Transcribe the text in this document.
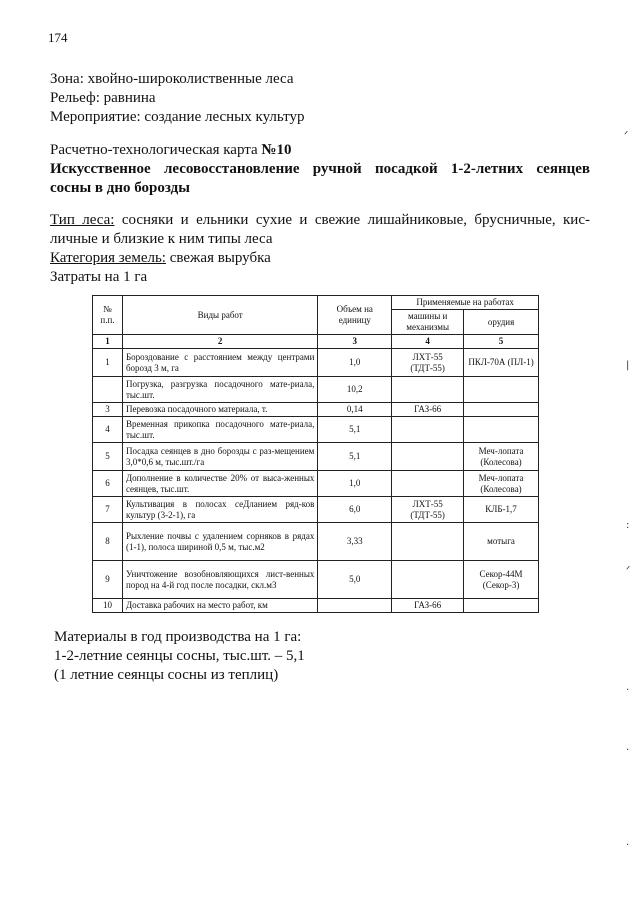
174
Зона: хвойно-широколиственные леса
Рельеф: равнина
Мероприятие: создание лесных культур
Расчетно-технологическая карта №10
Искусственное лесовосстановление ручной посадкой 1-2-летних сеянцев
сосны в дно борозды
Тип леса: сосняки и ельники сухие и свежие лишайниковые, брусничные, кис-
личные и близкие к ним типы леса
Категория земель: свежая вырубка
Затраты на 1 га
№ п.п.	Виды работ	Объем на единицу	Применяемые на работах	
			машины и механизмы	орудия
1	2	3	4	5
1	Бороздование с расстоянием между центрами борозд 3 м, га	1,0	ЛХТ-55 (ТДТ-55)	ПКЛ-70А (ПЛ-1)
	Погрузка, разгрузка посадочного мате-риала, тыс.шт.	10,2		
3	Перевозка посадочного материала, т.	0,14	ГАЗ-66	
4	Временная прикопка посадочного мате-риала, тыс.шт.	5,1		
5	Посадка сеянцев в дно борозды с раз-мещением 3,0*0,6 м, тыс.шт./га	5,1		Меч-лопата (Колесова)
6	Дополнение в количестве 20% от высa-женных сеянцев, тыс.шт.	1,0		Меч-лопата (Колесова)
7	Культивация в полосах сеДланием ряд-ков культур (3-2-1), га	6,0	ЛХТ-55 (ТДТ-55)	КЛБ-1,7
8	Рыхление почвы с удалением сорняков в рядах (1-1), полоса шириной 0,5 м, тыс.м2	3,33		мотыга
9	Уничтожение возобновляющихся лист-венных пород на 4-й год после посадки, скл.м3	5,0		Секор-44М (Секор-3)
10	Доставка рабочих на место работ, км		ГАЗ-66	
Материалы в год производства на 1 га:
1-2-летние сеянцы сосны, тыс.шт. – 5,1
(1 летние сеянцы сосны из теплиц)
ᐟ
|
:
ᐟ
·
·
·
